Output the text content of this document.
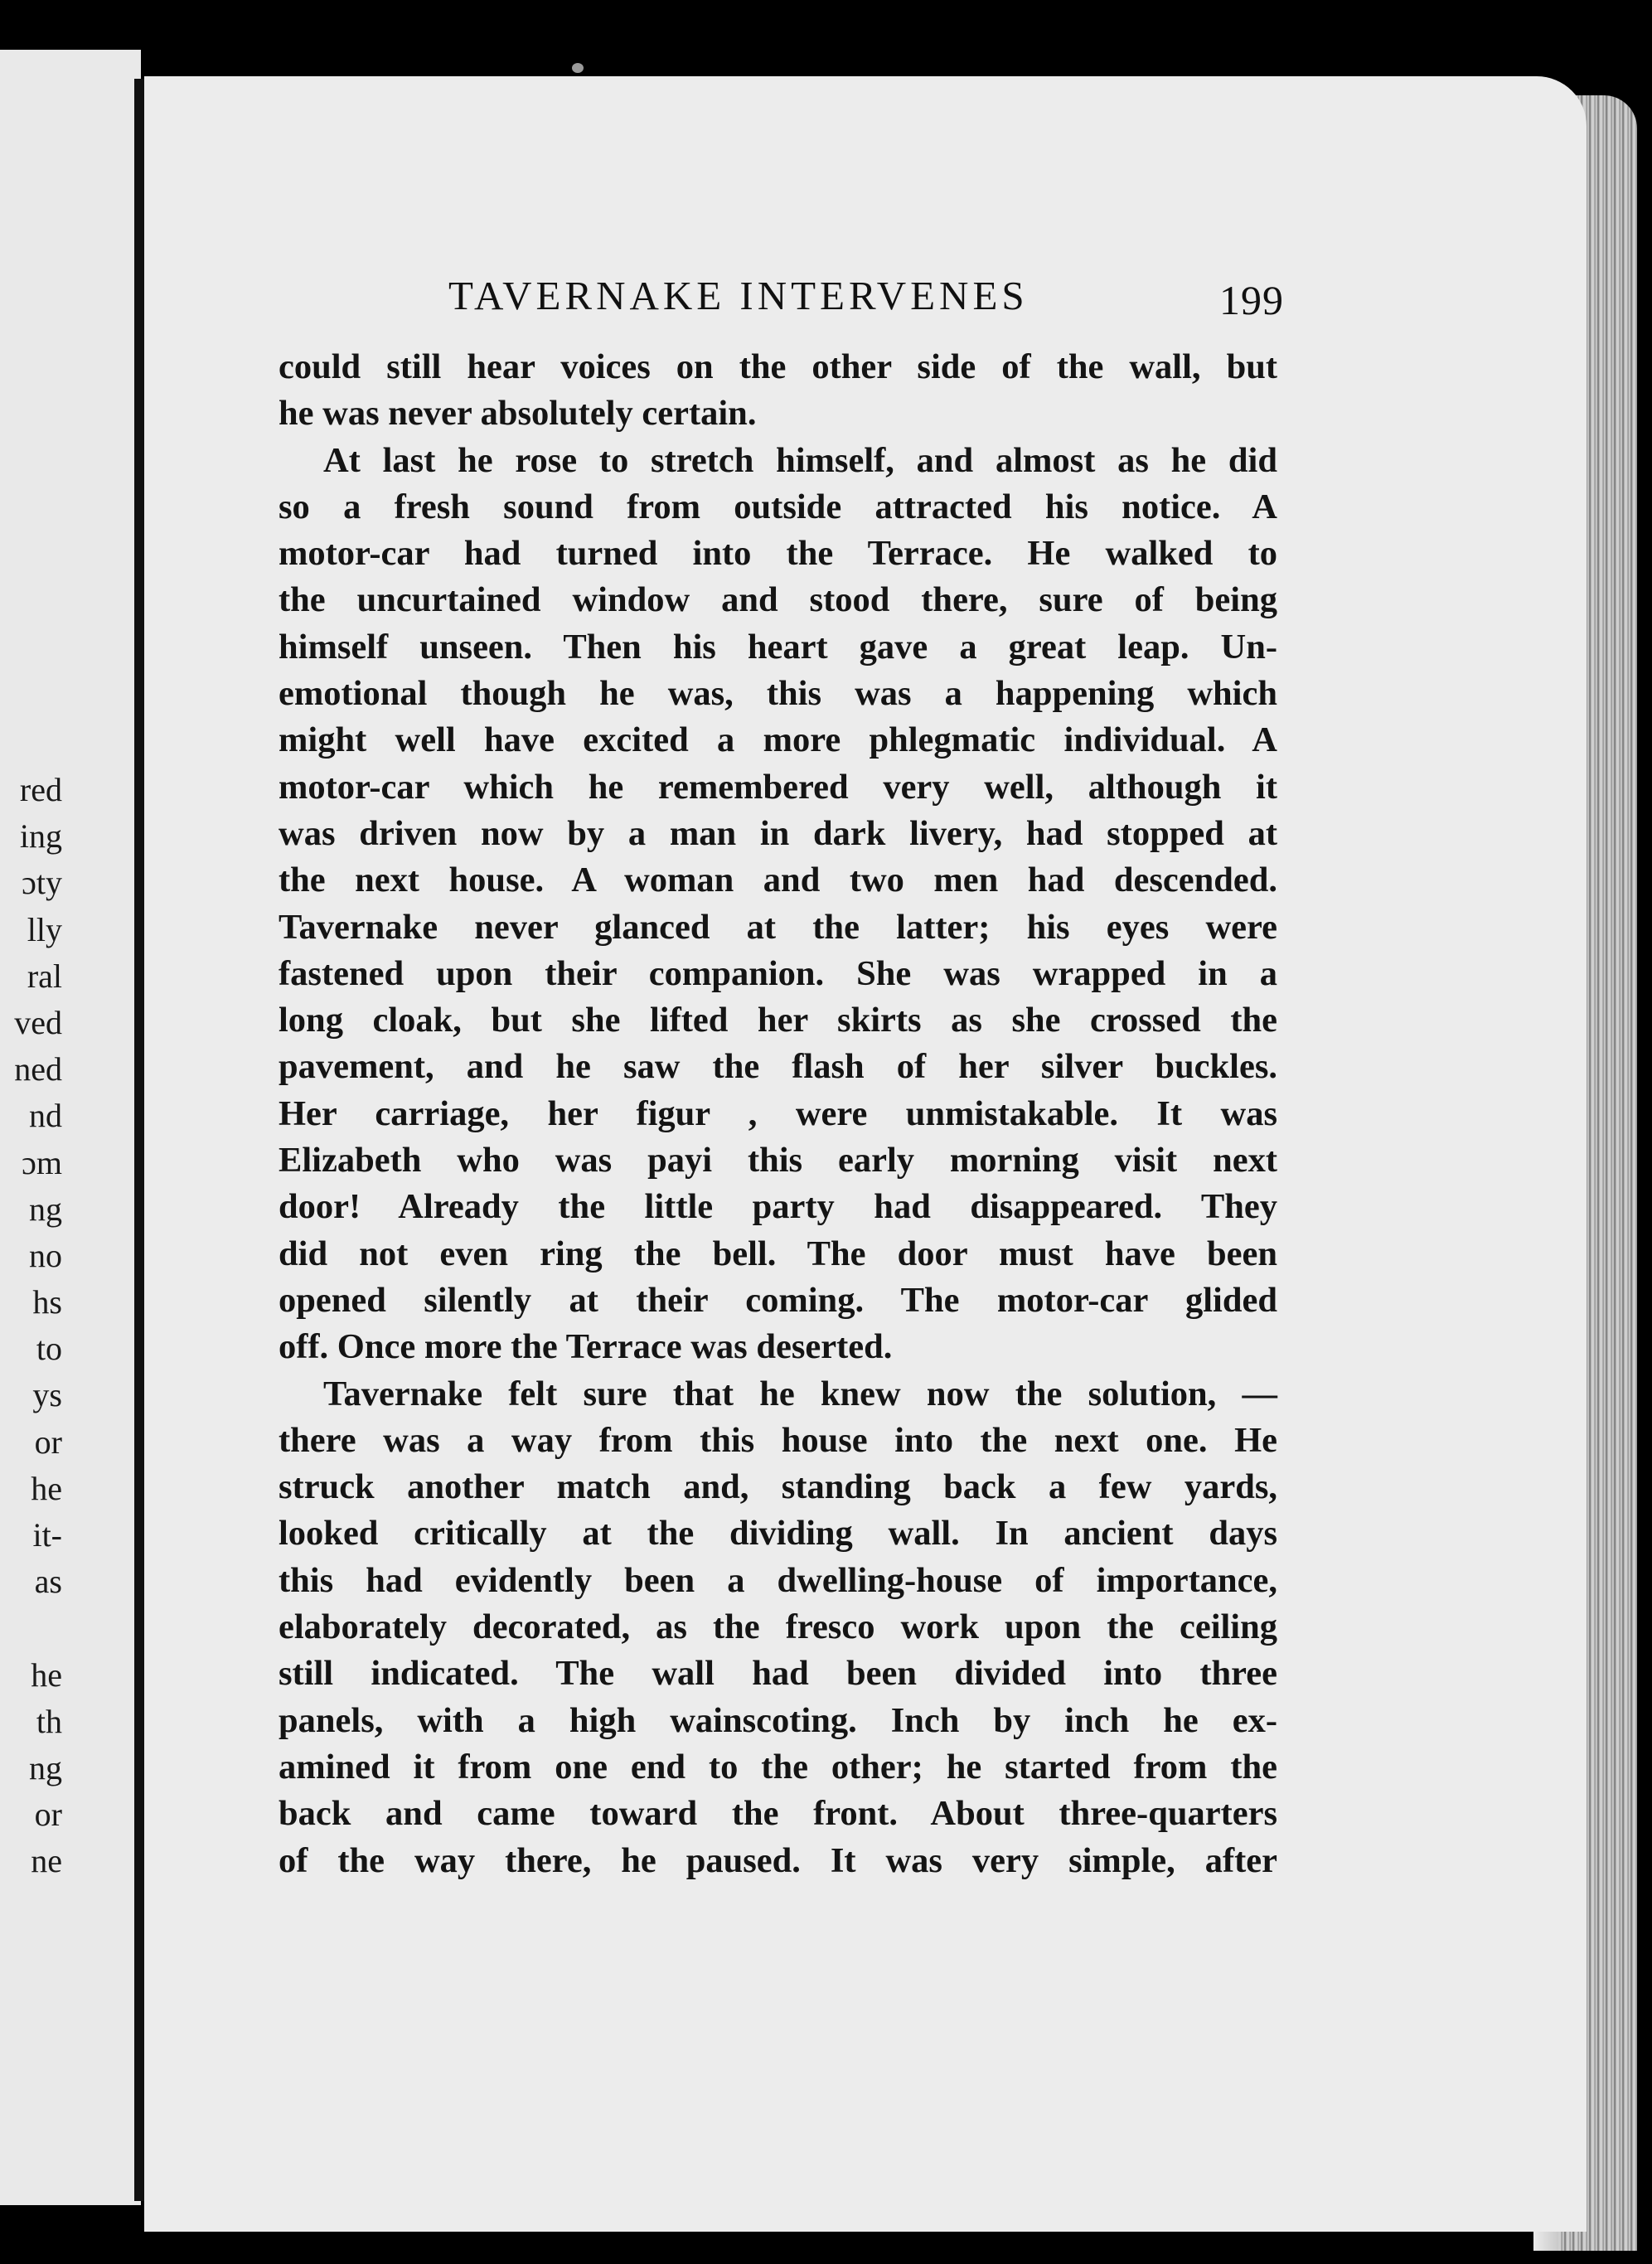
red
ing
ɔty
lly
ral
ved
ned
nd
ɔm
ng
no
hs
to
ys
or
he
it-
as
he
th
ng
or
ne
TAVERNAKE INTERVENES	199
could still hear voices on the other side of the wall, but
he was never absolutely certain.
At last he rose to stretch himself, and almost as he did
so a fresh sound from outside attracted his notice. A
motor-car had turned into the Terrace. He walked to
the uncurtained window and stood there, sure of being
himself unseen. Then his heart gave a great leap. Un-
emotional though he was, this was a happening which
might well have excited a more phlegmatic individual. A
motor-car which he remembered very well, although it
was driven now by a man in dark livery, had stopped at
the next house. A woman and two men had descended.
Tavernake never glanced at the latter; his eyes were
fastened upon their companion. She was wrapped in a
long cloak, but she lifted her skirts as she crossed the
pavement, and he saw the flash of her silver buckles.
Her carriage, her figur , were unmistakable. It was
Elizabeth who was payi this early morning visit next
door! Already the little party had disappeared. They
did not even ring the bell. The door must have been
opened silently at their coming. The motor-car glided
off. Once more the Terrace was deserted.
Tavernake felt sure that he knew now the solution, —
there was a way from this house into the next one. He
struck another match and, standing back a few yards,
looked critically at the dividing wall. In ancient days
this had evidently been a dwelling-house of importance,
elaborately decorated, as the fresco work upon the ceiling
still indicated. The wall had been divided into three
panels, with a high wainscoting. Inch by inch he ex-
amined it from one end to the other; he started from the
back and came toward the front. About three-quarters
of the way there, he paused. It was very simple, after
